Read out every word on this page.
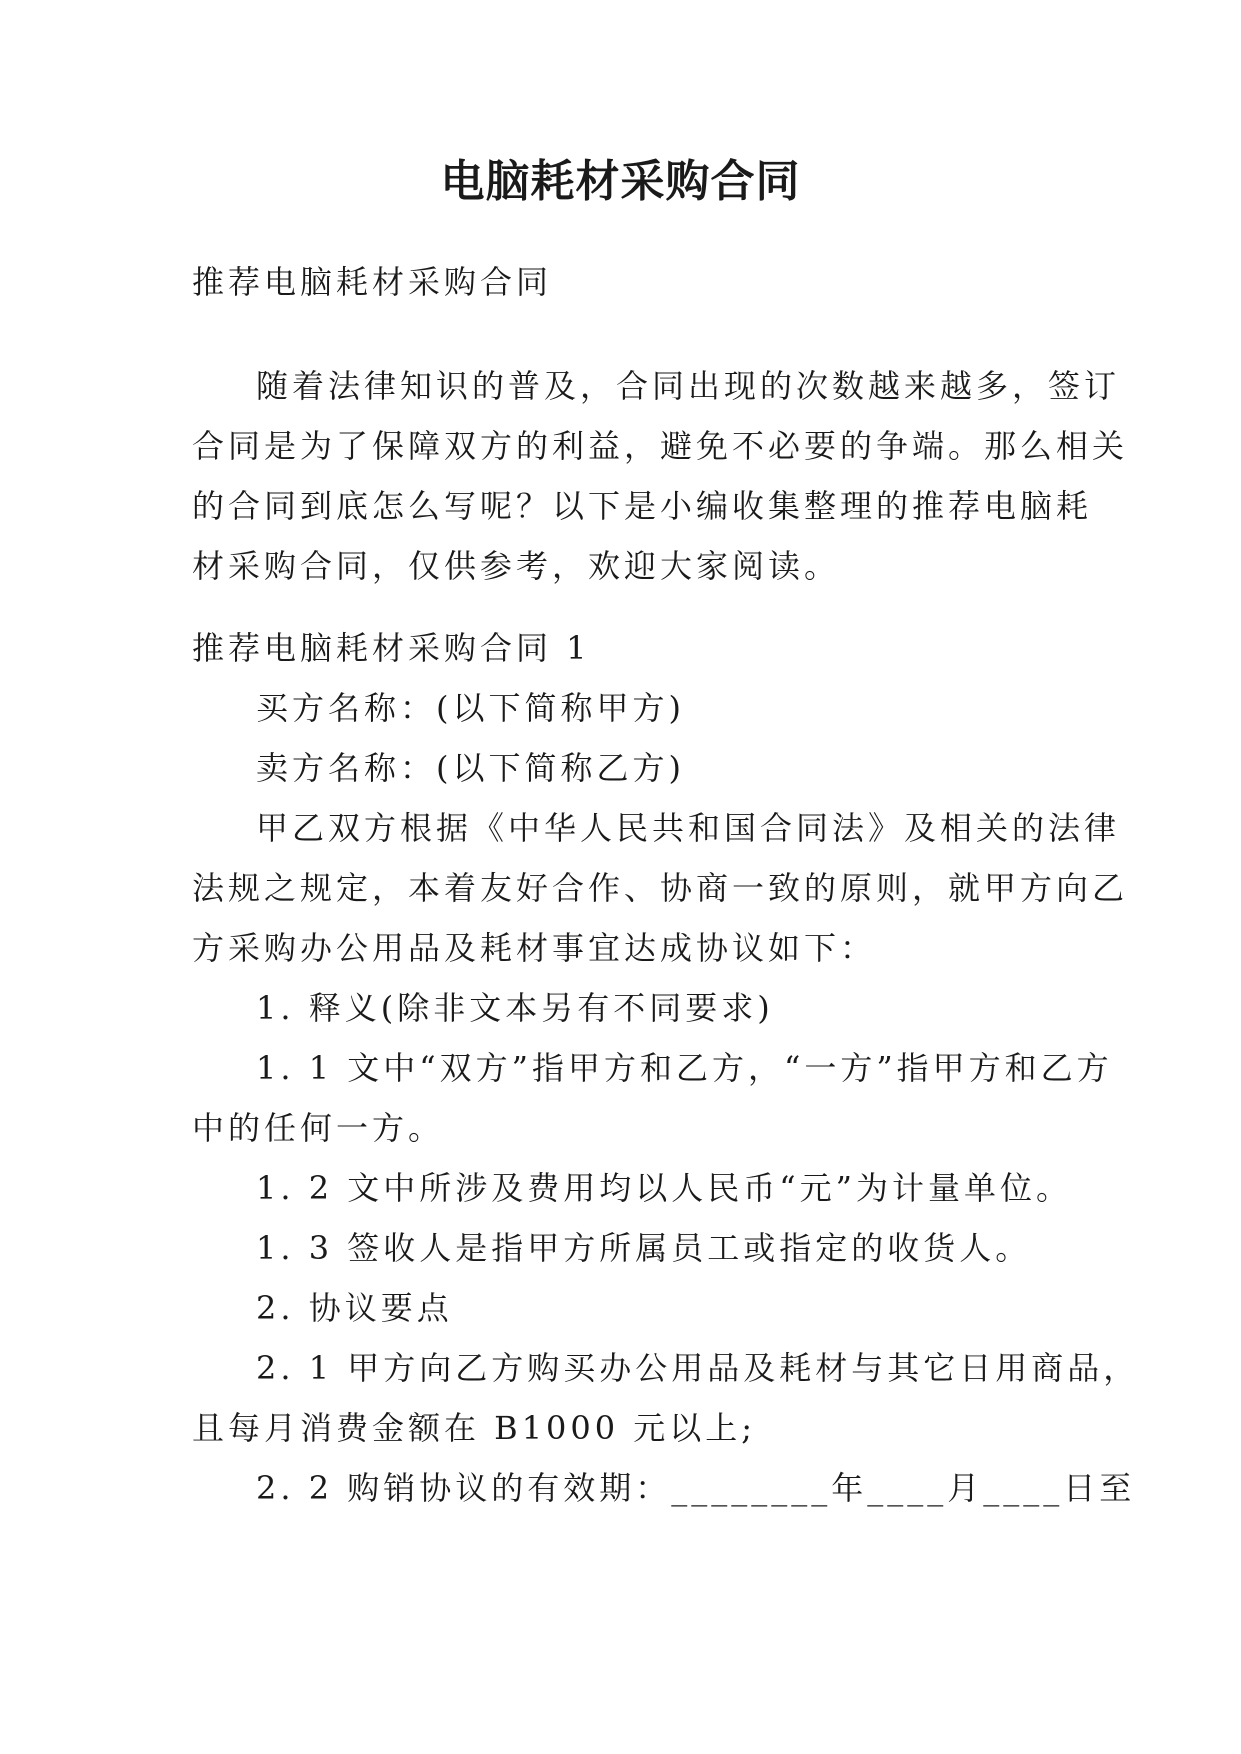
电脑耗材采购合同
推荐电脑耗材采购合同
随着法律知识的普及，合同出现的次数越来越多，签订
合同是为了保障双方的利益，避免不必要的争端。那么相关
的合同到底怎么写呢？以下是小编收集整理的推荐电脑耗
材采购合同，仅供参考，欢迎大家阅读。
推荐电脑耗材采购合同 1
买方名称：(以下简称甲方)
卖方名称：(以下简称乙方)
甲乙双方根据《中华人民共和国合同法》及相关的法律
法规之规定，本着友好合作、协商一致的原则，就甲方向乙
方采购办公用品及耗材事宜达成协议如下：
1. 释义(除非文本另有不同要求)
1. 1 文中“双方”指甲方和乙方，“一方”指甲方和乙方
中的任何一方。
1. 2 文中所涉及费用均以人民币“元”为计量单位。
1. 3 签收人是指甲方所属员工或指定的收货人。
2. 协议要点
2. 1 甲方向乙方购买办公用品及耗材与其它日用商品，
且每月消费金额在 B1000 元以上;
2. 2 购销协议的有效期：________年____月____日至
